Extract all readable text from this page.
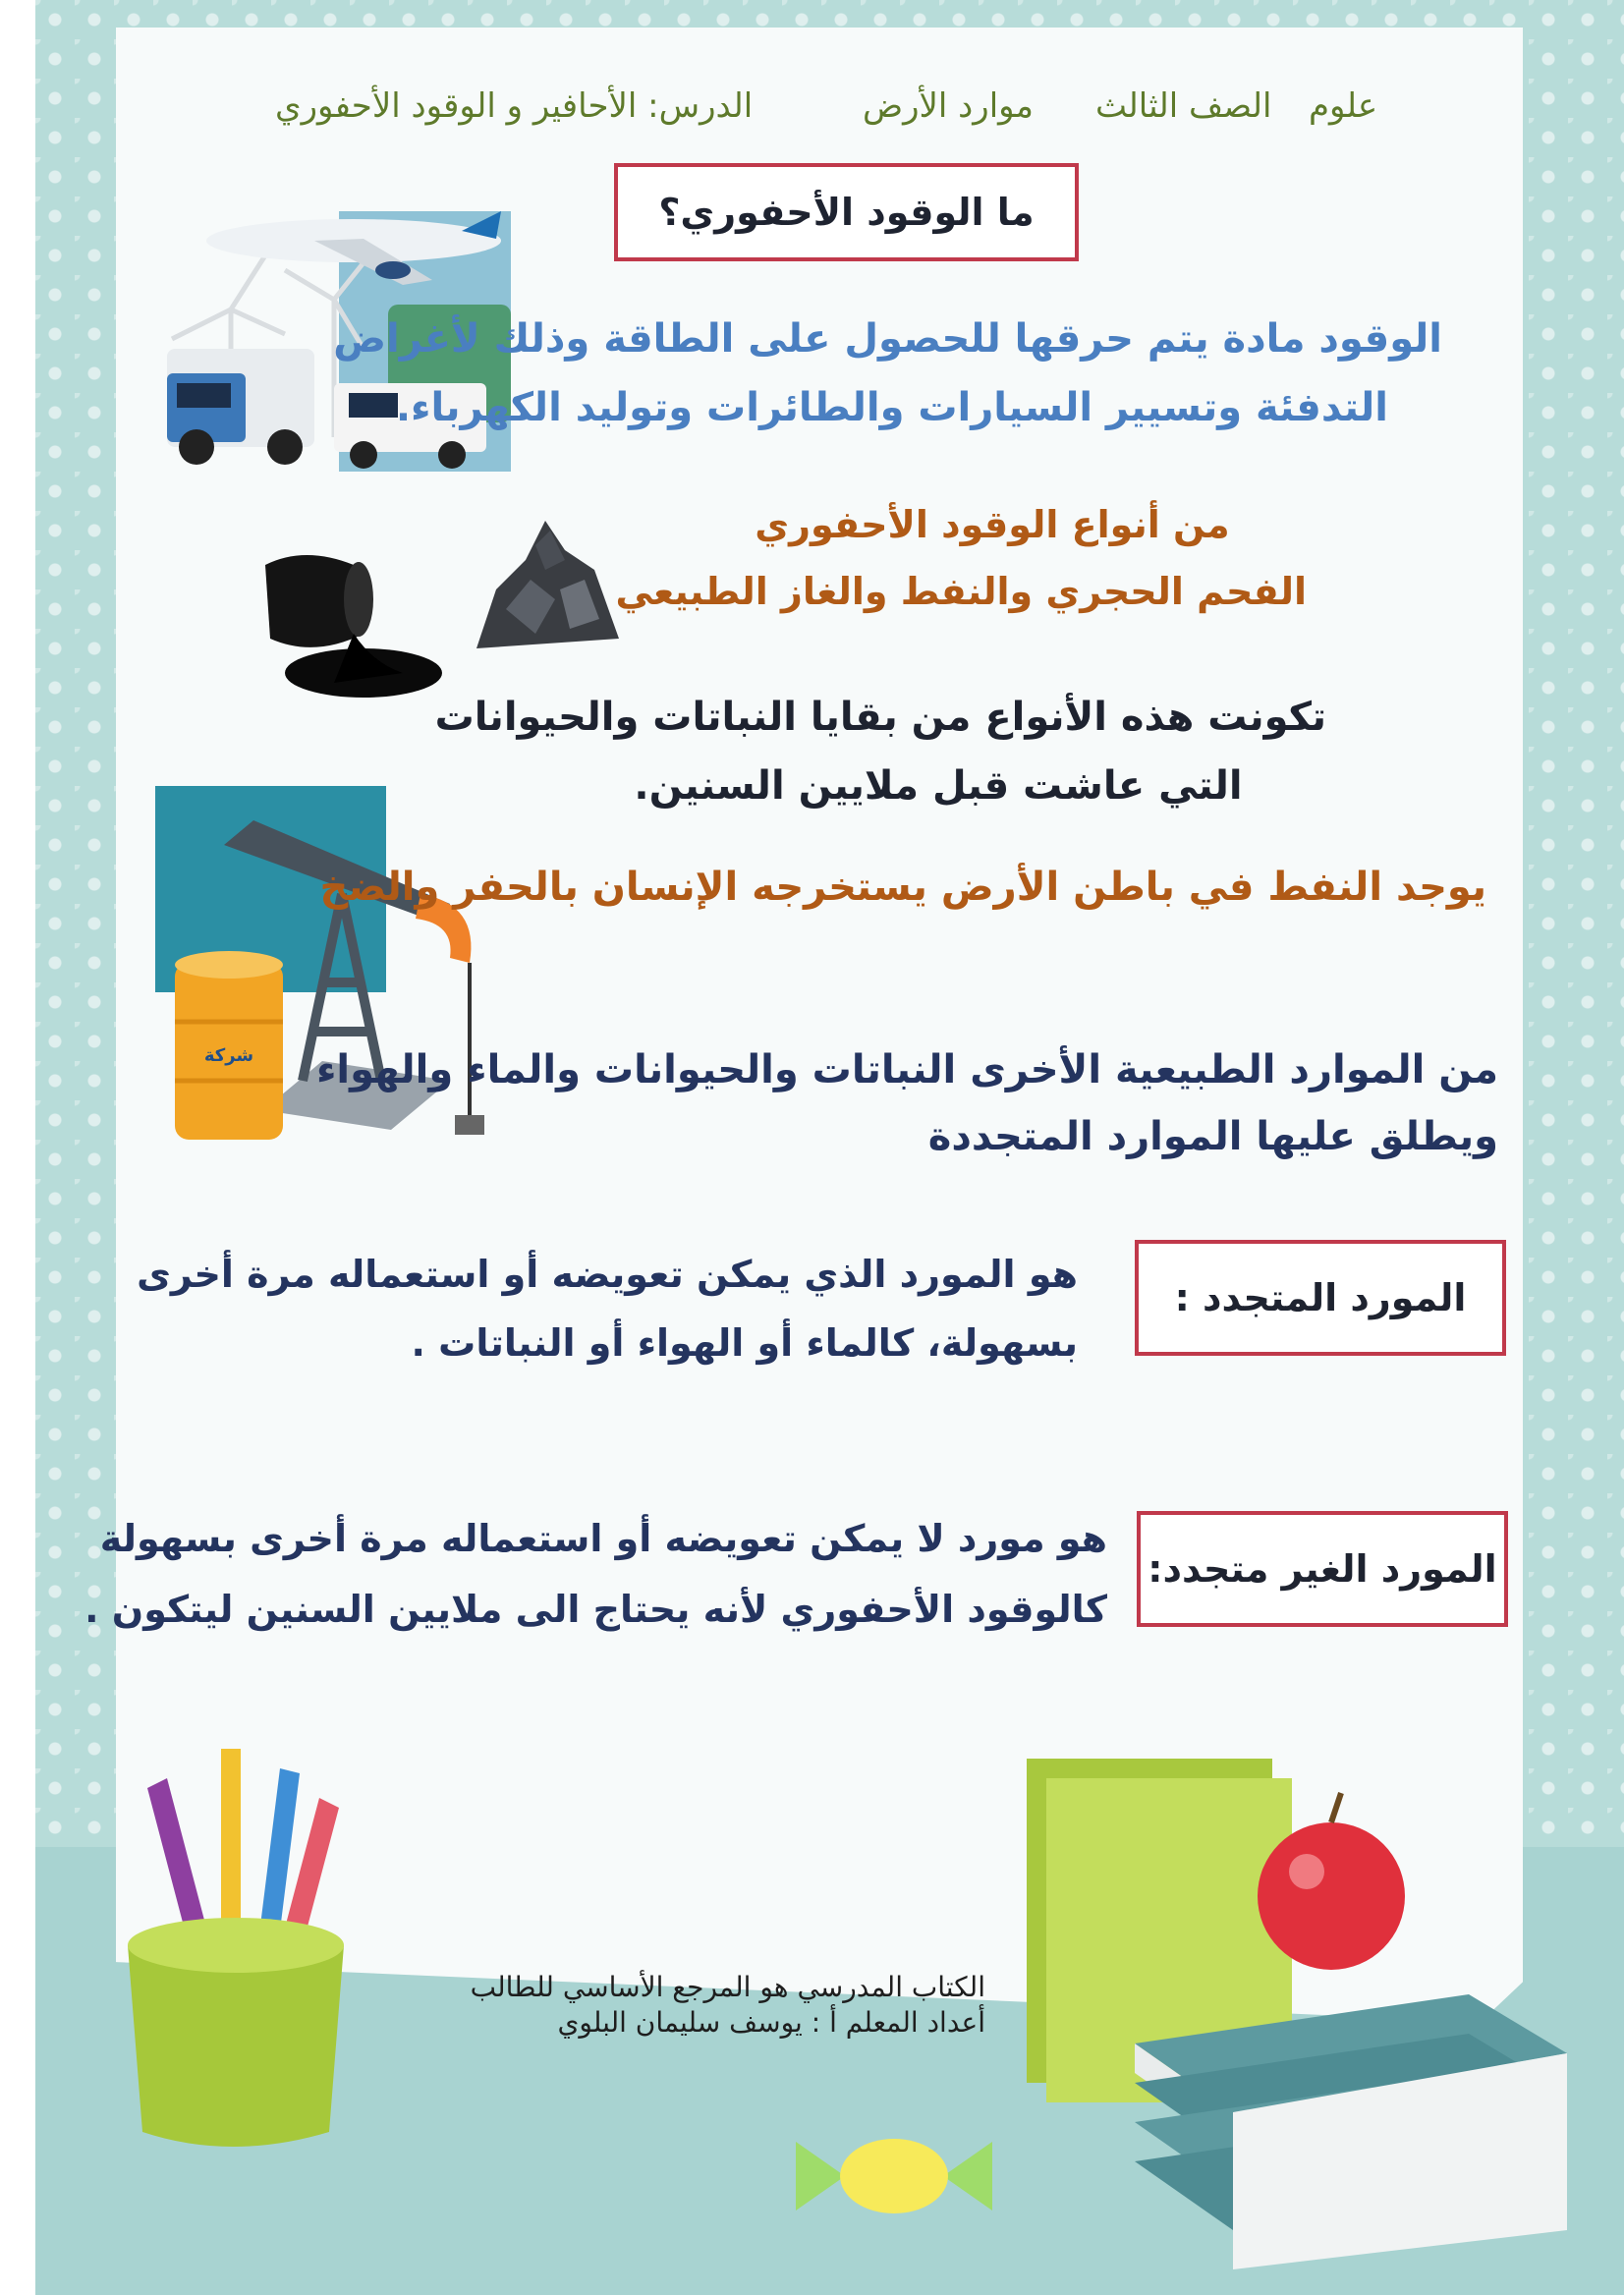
علوم
الصف الثالث
موارد الأرض
الدرس: الأحافير و الوقود الأحفوري
ما الوقود الأحفوري؟
الوقود مادة يتم حرقها للحصول على الطاقة وذلك لأغراض
التدفئة وتسيير السيارات والطائرات وتوليد الكهرباء.
من أنواع الوقود الأحفوري
الفحم الحجري والنفط والغاز الطبيعي
تكونت هذه الأنواع من بقايا النباتات والحيوانات
التي عاشت قبل ملايين السنين.
شركة
يوجد النفط في باطن الأرض يستخرجه الإنسان بالحفر والضخ
من الموارد الطبيعية الأخرى النباتات والحيوانات والماء والهواء
ويطلق عليها الموارد المتجددة
المورد المتجدد :
هو المورد الذي يمكن تعويضه أو استعماله مرة أخرى
بسهولة، كالماء أو الهواء أو النباتات .
المورد الغير متجدد:
هو مورد لا يمكن تعويضه أو استعماله مرة أخرى بسهولة
كالوقود الأحفوري لأنه يحتاج الى ملايين السنين ليتكون .
الكتاب المدرسي هو المرجع الأساسي للطالب
أعداد المعلم أ : يوسف سليمان البلوي
